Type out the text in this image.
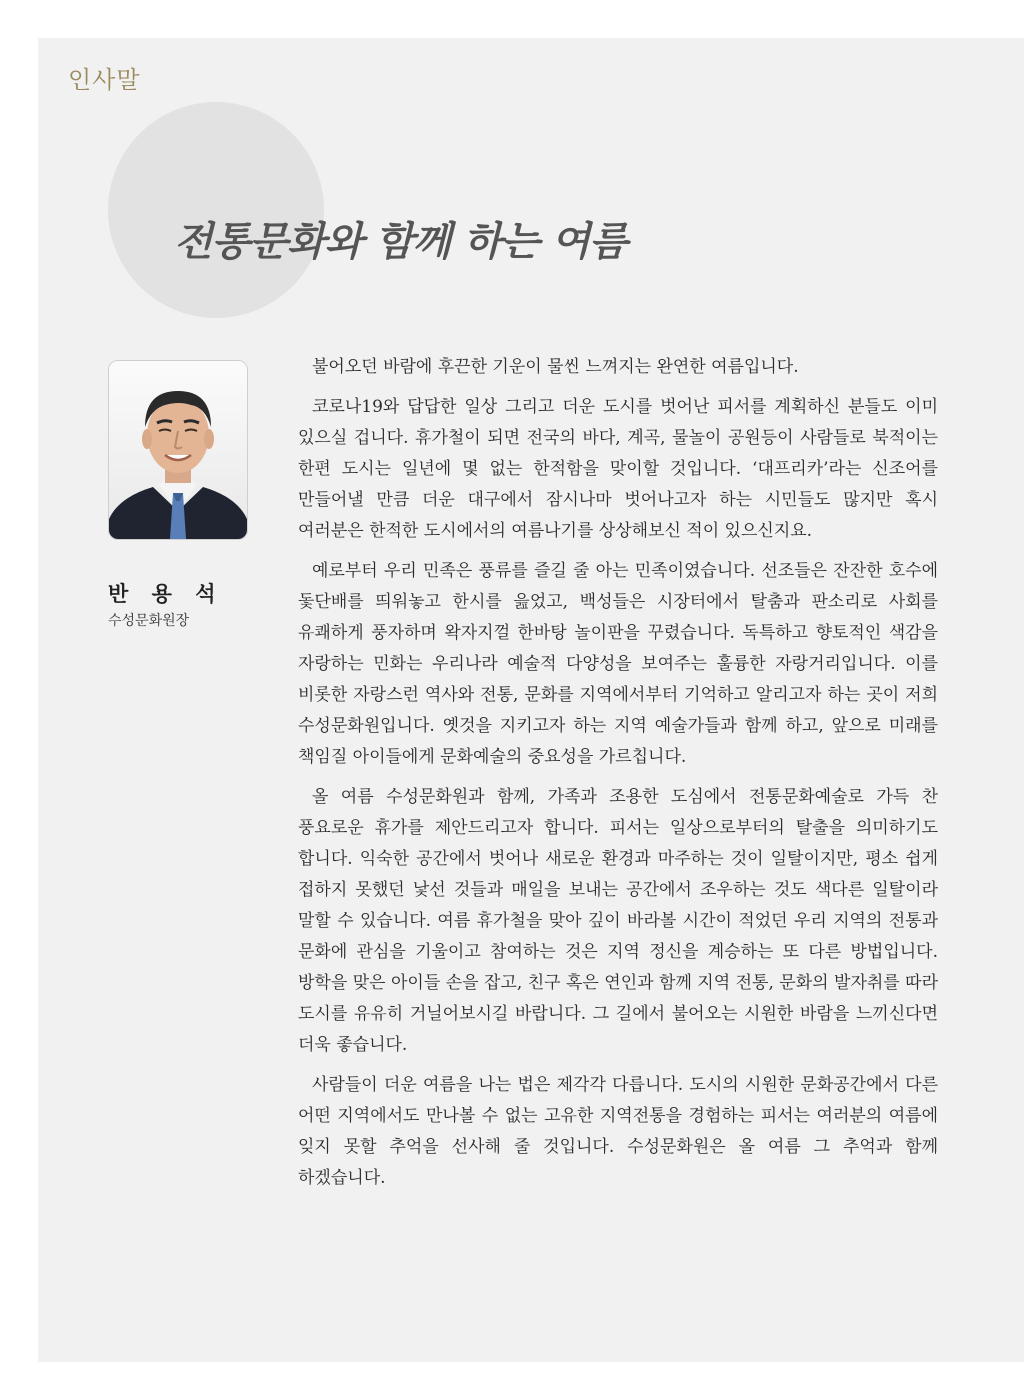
인사말
전통문화와 함께 하는 여름
반 용 석
수성문화원장

불어오던 바람에 후끈한 기운이 물씬 느껴지는 완연한 여름입니다.

코로나19와 답답한 일상 그리고 더운 도시를 벗어난 피서를 계획하신 분들도 이미 있으실 겁니다. 휴가철이 되면 전국의 바다, 계곡, 물놀이 공원등이 사람들로 북적이는 한편 도시는 일년에 몇 없는 한적함을 맞이할 것입니다. ‘대프리카’라는 신조어를 만들어낼 만큼 더운 대구에서 잠시나마 벗어나고자 하는 시민들도 많지만 혹시 여러분은 한적한 도시에서의 여름나기를 상상해보신 적이 있으신지요.

예로부터 우리 민족은 풍류를 즐길 줄 아는 민족이였습니다. 선조들은 잔잔한 호수에 돛단배를 띄워놓고 한시를 읊었고, 백성들은 시장터에서 탈춤과 판소리로 사회를 유쾌하게 풍자하며 왁자지껄 한바탕 놀이판을 꾸렸습니다. 독특하고 향토적인 색감을 자랑하는 민화는 우리나라 예술적 다양성을 보여주는 훌륭한 자랑거리입니다. 이를 비롯한 자랑스런 역사와 전통, 문화를 지역에서부터 기억하고 알리고자 하는 곳이 저희 수성문화원입니다. 옛것을 지키고자 하는 지역 예술가들과 함께 하고, 앞으로 미래를 책임질 아이들에게 문화예술의 중요성을 가르칩니다.

올 여름 수성문화원과 함께, 가족과 조용한 도심에서 전통문화예술로 가득 찬 풍요로운 휴가를 제안드리고자 합니다. 피서는 일상으로부터의 탈출을 의미하기도 합니다. 익숙한 공간에서 벗어나 새로운 환경과 마주하는 것이 일탈이지만, 평소 쉽게 접하지 못했던 낯선 것들과 매일을 보내는 공간에서 조우하는 것도 색다른 일탈이라 말할 수 있습니다. 여름 휴가철을 맞아 깊이 바라볼 시간이 적었던 우리 지역의 전통과 문화에 관심을 기울이고 참여하는 것은 지역 정신을 계승하는 또 다른 방법입니다. 방학을 맞은 아이들 손을 잡고, 친구 혹은 연인과 함께 지역 전통, 문화의 발자취를 따라 도시를 유유히 거닐어보시길 바랍니다. 그 길에서 불어오는 시원한 바람을 느끼신다면 더욱 좋습니다.

사람들이 더운 여름을 나는 법은 제각각 다릅니다. 도시의 시원한 문화공간에서 다른 어떤 지역에서도 만나볼 수 없는 고유한 지역전통을 경험하는 피서는 여러분의 여름에 잊지 못할 추억을 선사해 줄 것입니다. 수성문화원은 올 여름 그 추억과 함께 하겠습니다.
